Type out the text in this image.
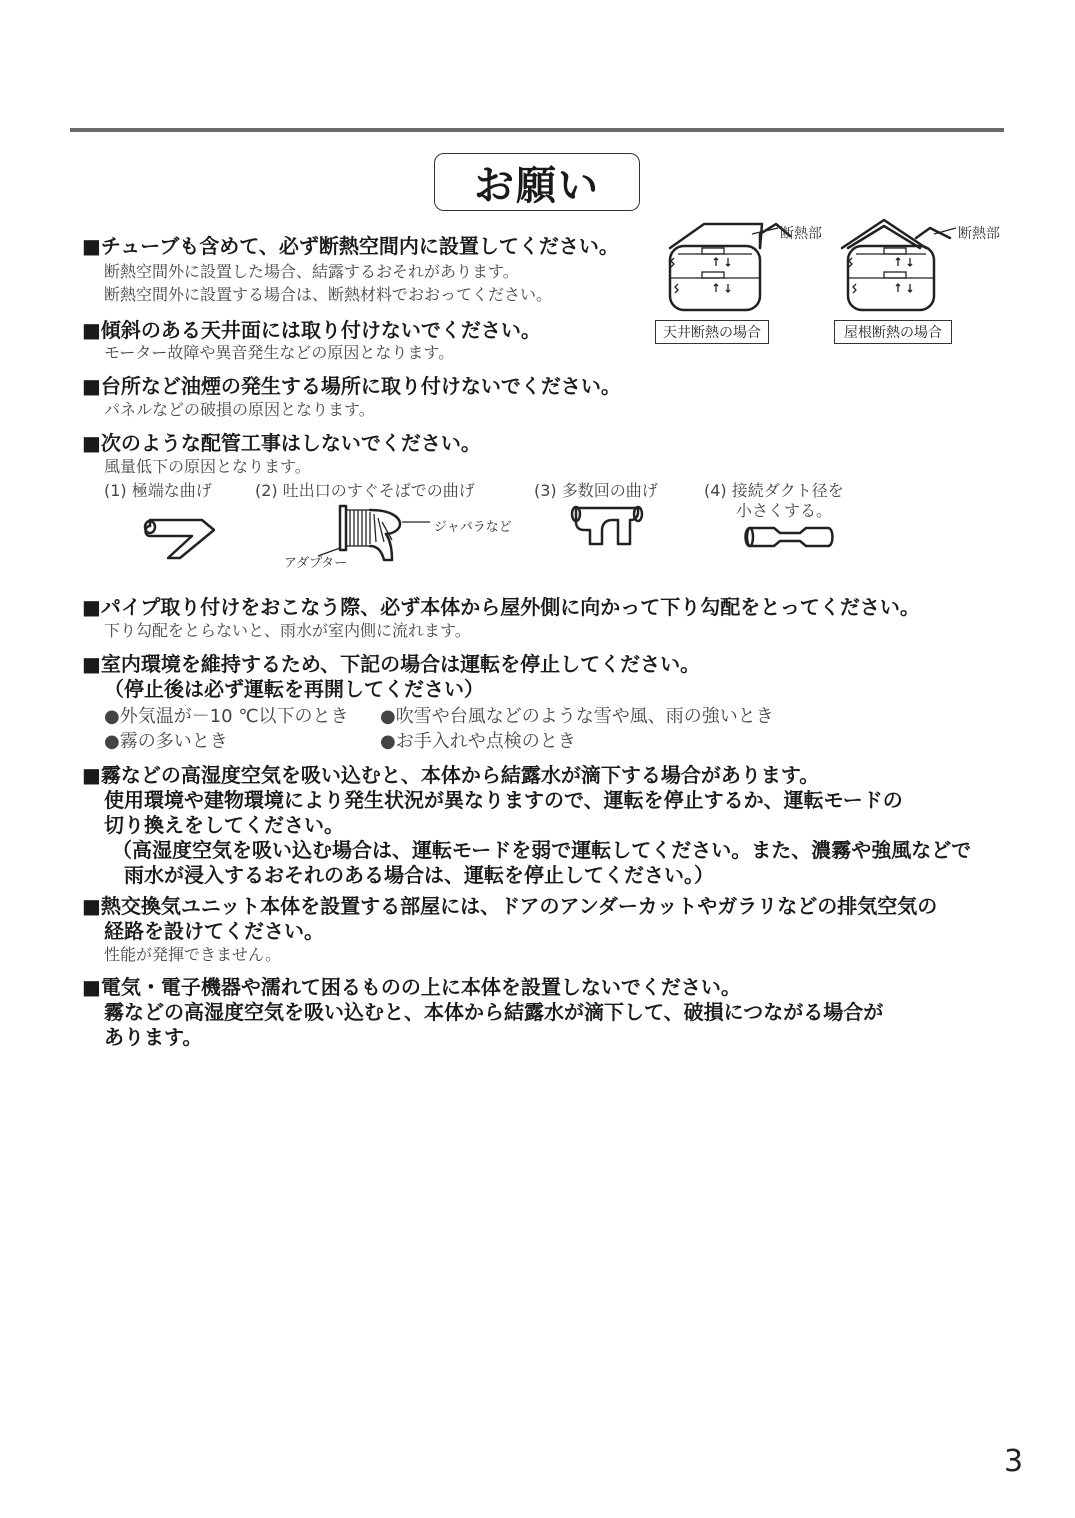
お願い
■チューブも含めて、必ず断熱空間内に設置してください。
断熱空間外に設置した場合、結露するおそれがあります。
断熱空間外に設置する場合は、断熱材料でおおってください。
■傾斜のある天井面には取り付けないでください。
モーター故障や異音発生などの原因となります。
■台所など油煙の発生する場所に取り付けないでください。
パネルなどの破損の原因となります。
■次のような配管工事はしないでください。
風量低下の原因となります。
(1) 極端な曲げ	(2) 吐出口のすぐそばでの曲げ	(3) 多数回の曲げ	(4) 接続ダクト径を
小さくする。
ジャバラなど
アダプター
断熱部
天井断熱の場合
断熱部
屋根断熱の場合
■パイプ取り付けをおこなう際、必ず本体から屋外側に向かって下り勾配をとってください。
下り勾配をとらないと、雨水が室内側に流れます。
■室内環境を維持するため、下記の場合は運転を停止してください。
（停止後は必ず運転を再開してください）
●外気温が－10 ℃以下のとき ●吹雪や台風などのような雪や風、雨の強いとき
●霧の多いとき	●お手入れや点検のとき
■霧などの高湿度空気を吸い込むと、本体から結露水が滴下する場合があります。
使用環境や建物環境により発生状況が異なりますので、運転を停止するか、運転モードの
切り換えをしてください。
（高湿度空気を吸い込む場合は、運転モードを弱で運転してください。また、濃霧や強風などで
雨水が浸入するおそれのある場合は、運転を停止してください。）
■熱交換気ユニット本体を設置する部屋には、ドアのアンダーカットやガラリなどの排気空気の
経路を設けてください。
性能が発揮できません。
■電気・電子機器や濡れて困るものの上に本体を設置しないでください。
霧などの高湿度空気を吸い込むと、本体から結露水が滴下して、破損につながる場合が
あります。
3
